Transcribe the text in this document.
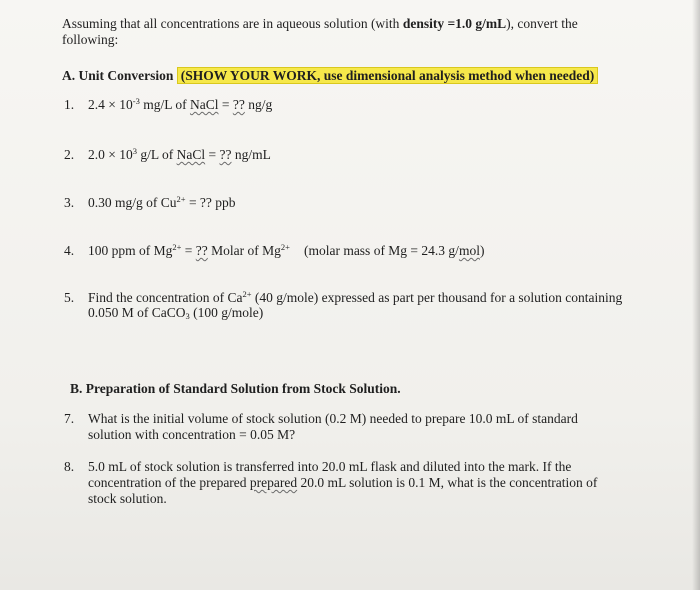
Assuming that all concentrations are in aqueous solution (with density =1.0 g/mL), convert the following:
A. Unit Conversion (SHOW YOUR WORK, use dimensional analysis method when needed)
1. $2.4 \times 10^{-3}$ mg/L of NaCl = ?? ng/g
2. $2.0 \times 10^3$ g/L of NaCl = ?? ng/mL
3. 0.30 mg/g of $Cu^{2+}$ = ?? ppb
4. 100 ppm of $Mg^{2+}$ = ?? Molar of $Mg^{2+}$ (molar mass of Mg = 24.3 g/mol)
5. Find the concentration of $Ca^{2+}$ (40 g/mole) expressed as part per thousand for a solution containing
0.050 M of CaCO$_3$ (100 g/mole)
B. Preparation of Standard Solution from Stock Solution.
7. What is the initial volume of stock solution (0.2 M) needed to prepare 10.0 mL of standard
solution with concentration = 0.05 M?
8. 5.0 mL of stock solution is transferred into 20.0 mL flask and diluted into the mark. If the
concentration of the prepared prepared 20.0 mL solution is 0.1 M, what is the concentration of
stock solution.
